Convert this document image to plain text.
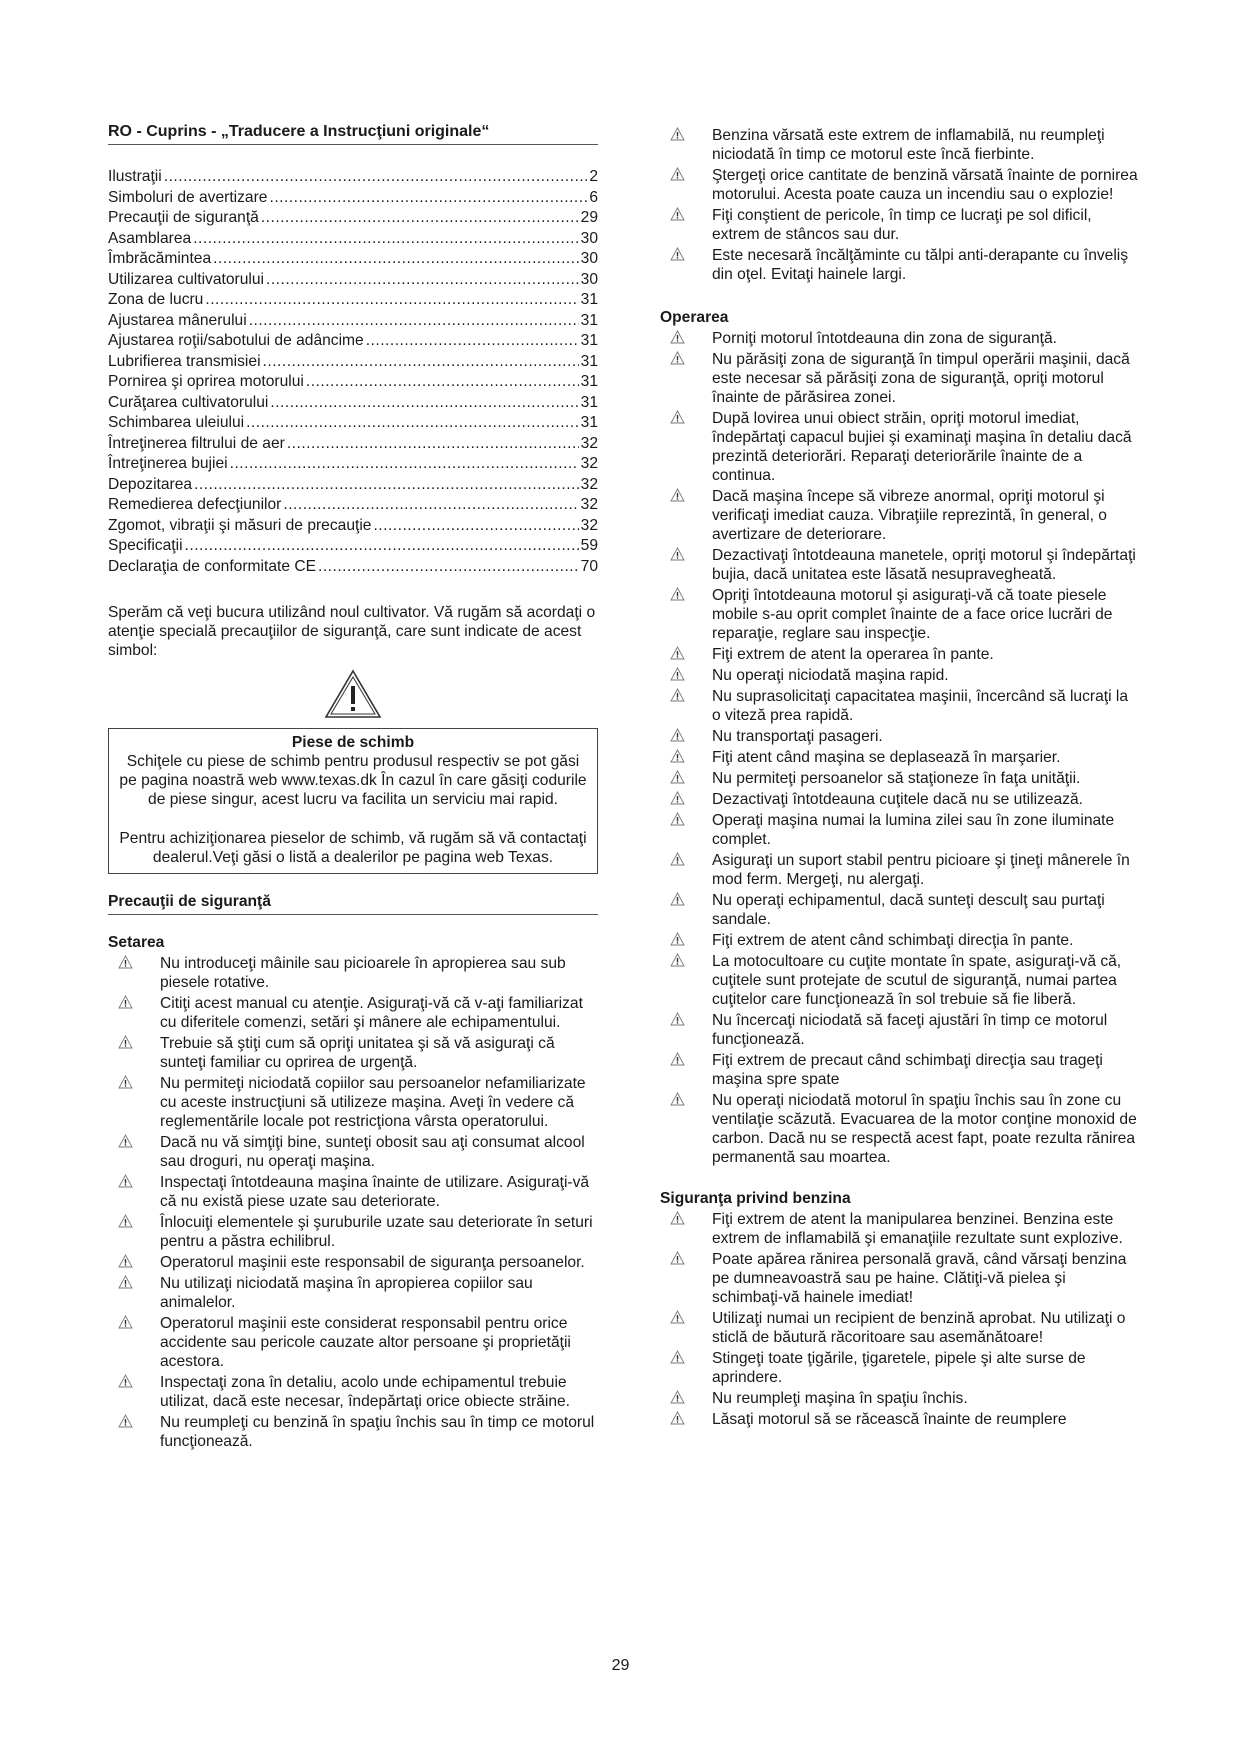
RO - Cuprins - „Traducere a Instrucţiuni originale“
Ilustraţii .....	2
Simboluri de avertizare .....	6
Precauţii de siguranţă .....	29
Asamblarea .....	30
Îmbrăcămintea .....	30
Utilizarea cultivatorului .....	30
Zona de lucru .....	31
Ajustarea mânerului .....	31
Ajustarea roţii/sabotului de adâncime .....	31
Lubrifierea transmisiei .....	31
Pornirea şi oprirea motorului .....	31
Curăţarea cultivatorului .....	31
Schimbarea uleiului .....	31
Întreţinerea filtrului de aer .....	32
Întreţinerea bujiei .....	32
Depozitarea .....	32
Remedierea defecţiunilor .....	32
Zgomot, vibraţii şi măsuri de precauţie .....	32
Specificaţii .....	59
Declaraţia de conformitate CE .....	70
Sperăm că veţi bucura utilizând noul cultivator. Vă rugăm să acordaţi o atenţie specială precauţiilor de siguranţă, care sunt indicate de acest simbol:
Piese de schimb

Schiţele cu piese de schimb pentru produsul respectiv se pot găsi pe pagina noastră web www.texas.dk În cazul în care găsiţi codurile de piese singur, acest lucru va facilita un serviciu mai rapid.

Pentru achiziţionarea pieselor de schimb, vă rugăm să vă contactaţi dealerul.Veţi găsi o listă a dealerilor pe pagina web Texas.

Precauţii de siguranţă
Setarea
Nu introduceţi mâinile sau picioarele în apropierea sau sub piesele rotative.
Citiţi acest manual cu atenţie. Asiguraţi-vă că v-aţi familiarizat cu diferitele comenzi, setări şi mânere ale echipamentului.
Trebuie să ştiţi cum să opriţi unitatea şi să vă asiguraţi că sunteţi familiar cu oprirea de urgenţă.
Nu permiteţi niciodată copiilor sau persoanelor nefamiliarizate cu aceste instrucţiuni să utilizeze maşina. Aveţi în vedere că reglementările locale pot restricţiona vârsta operatorului.
Dacă nu vă simţiţi bine, sunteţi obosit sau aţi consumat alcool sau droguri, nu operaţi maşina.
Inspectaţi întotdeauna maşina înainte de utilizare. Asiguraţi-vă că nu există piese uzate sau deteriorate.
Înlocuiţi elementele şi şuruburile uzate sau deteriorate în seturi pentru a păstra echilibrul.
Operatorul maşinii este responsabil de siguranţa persoanelor.
Nu utilizaţi niciodată maşina în apropierea copiilor sau animalelor.
Operatorul maşinii este considerat responsabil pentru orice accidente sau pericole cauzate altor persoane şi proprietăţii acestora.
Inspectaţi zona în detaliu, acolo unde echipamentul trebuie utilizat, dacă este necesar, îndepărtaţi orice obiecte străine.
Nu reumpleţi cu benzină în spaţiu închis sau în timp ce motorul funcţionează.
Benzina vărsată este extrem de inflamabilă, nu reumpleţi niciodată în timp ce motorul este încă fierbinte.
Ştergeţi orice cantitate de benzină vărsată înainte de pornirea motorului. Acesta poate cauza un incendiu sau o explozie!
Fiţi conştient de pericole, în timp ce lucraţi pe sol dificil, extrem de stâncos sau dur.
Este necesară încălţăminte cu tălpi anti-derapante cu înveliş din oţel. Evitaţi hainele largi.
Operarea
Porniţi motorul întotdeauna din zona de siguranţă.
Nu părăsiţi zona de siguranţă în timpul operării maşinii, dacă este necesar să părăsiţi zona de siguranţă, opriţi motorul înainte de părăsirea zonei.
După lovirea unui obiect străin, opriţi motorul imediat, îndepărtaţi capacul bujiei şi examinaţi maşina în detaliu dacă prezintă deteriorări. Reparaţi deteriorările înainte de a continua.
Dacă maşina începe să vibreze anormal, opriţi motorul şi verificaţi imediat cauza. Vibraţiile reprezintă, în general, o avertizare de deteriorare.
Dezactivaţi întotdeauna manetele, opriţi motorul şi îndepărtaţi bujia, dacă unitatea este lăsată nesupravegheată.
Opriţi întotdeauna motorul şi asiguraţi-vă că toate piesele mobile s-au oprit complet înainte de a face orice lucrări de reparaţie, reglare sau inspecţie.
Fiţi extrem de atent la operarea în pante.
Nu operaţi niciodată maşina rapid.
Nu suprasolicitaţi capacitatea maşinii, încercând să lucraţi la o viteză prea rapidă.
Nu transportaţi pasageri.
Fiţi atent când maşina se deplasează în marşarier.
Nu permiteţi persoanelor să staţioneze în faţa unităţii.
Dezactivaţi întotdeauna cuţitele dacă nu se utilizează.
Operaţi maşina numai la lumina zilei sau în zone iluminate complet.
Asiguraţi un suport stabil pentru picioare şi ţineţi mânerele în mod ferm. Mergeţi, nu alergaţi.
Nu operaţi echipamentul, dacă sunteţi desculţ sau purtaţi sandale.
Fiţi extrem de atent când schimbaţi direcţia în pante.
La motocultoare cu cuţite montate în spate, asiguraţi-vă că, cuţitele sunt protejate de scutul de siguranţă, numai partea cuţitelor care funcţionează în sol trebuie să fie liberă.
Nu încercaţi niciodată să faceţi ajustări în timp ce motorul funcţionează.
Fiţi extrem de precaut când schimbaţi direcţia sau trageţi maşina spre spate
Nu operaţi niciodată motorul în spaţiu închis sau în zone cu ventilaţie scăzută. Evacuarea de la motor conţine monoxid de carbon. Dacă nu se respectă acest fapt, poate rezulta rănirea permanentă sau moartea.
Siguranţa privind benzina
Fiţi extrem de atent la manipularea benzinei. Benzina este extrem de inflamabilă şi emanaţiile rezultate sunt explozive.
Poate apărea rănirea personală gravă, când vărsaţi benzina pe dumneavoastră sau pe haine. Clătiţi-vă pielea şi schimbaţi-vă hainele imediat!
Utilizaţi numai un recipient de benzină aprobat. Nu utilizaţi o sticlă de băutură răcoritoare sau asemănătoare!
Stingeţi toate ţigările, ţigaretele, pipele şi alte surse de aprindere.
Nu reumpleţi maşina în spaţiu închis.
Lăsaţi motorul să se răcească înainte de reumplere
29
